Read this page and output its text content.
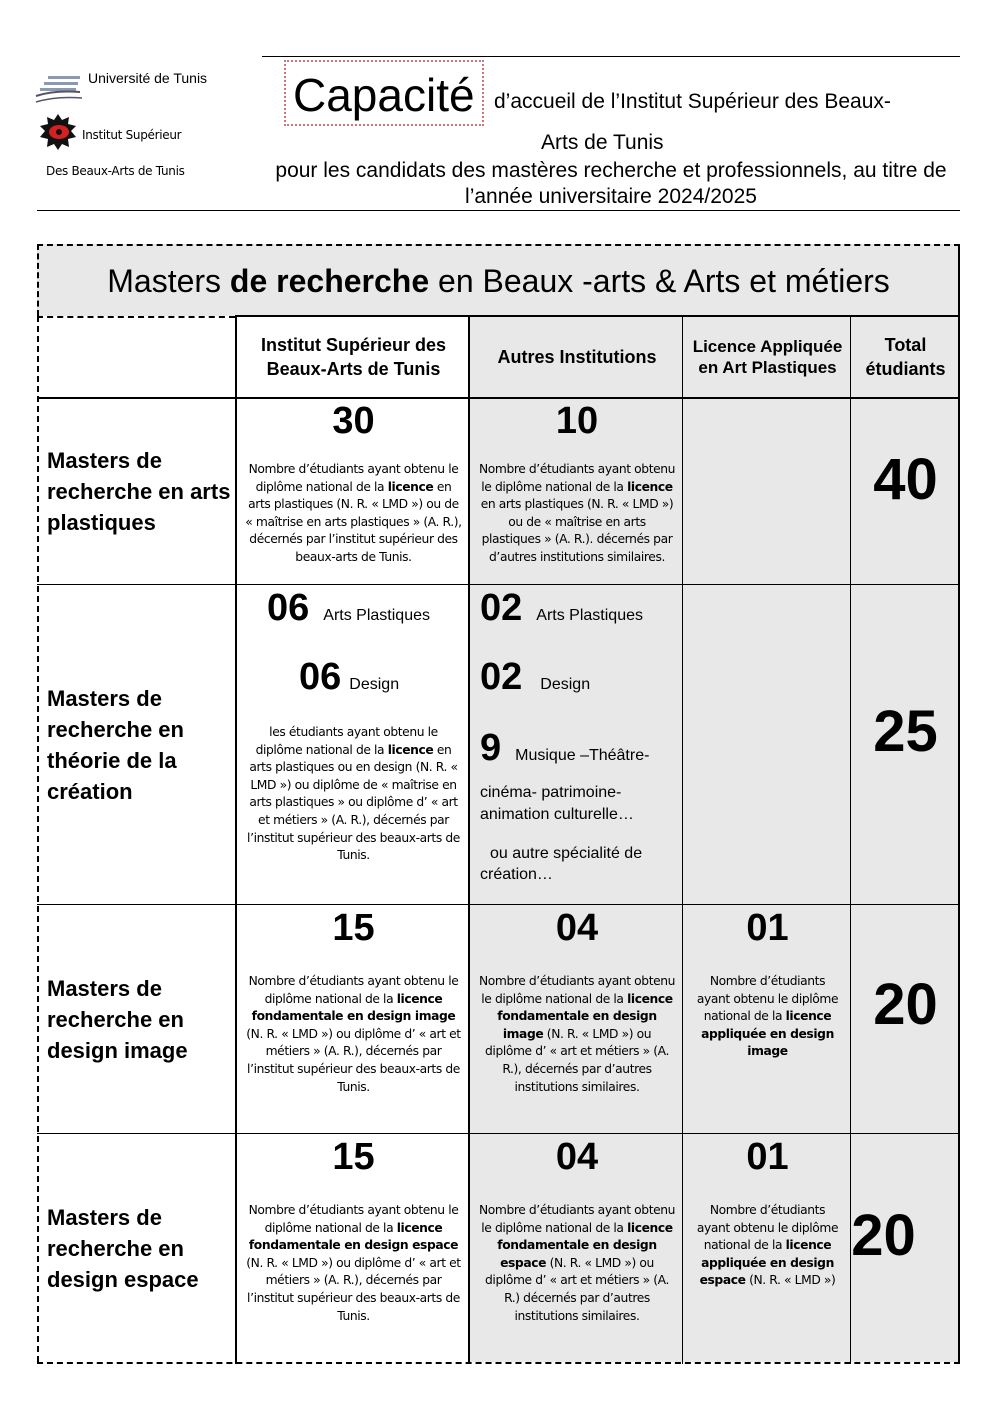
Université de Tunis
Institut Supérieur
Des Beaux-Arts de Tunis
Capacité d’accueil de l’Institut Supérieur des Beaux-
Arts de Tunis
pour les candidats des mastères recherche et professionnels, au titre de l’année universitaire 2024/2025
Masters de recherche en Beaux -arts & Arts et métiers
Institut Supérieur des Beaux-Arts de Tunis
Autres Institutions
Licence Appliquée en Art Plastiques
Total étudiants
Masters de recherche en arts plastiques
Masters de recherche en théorie de la création
Masters de recherche en design image
Masters de recherche en design espace
30
Nombre d’étudiants ayant obtenu le diplôme national de la licence en arts plastiques (N. R. « LMD ») ou de « maîtrise en arts plastiques » (A. R.), décernés par l’institut supérieur des beaux-arts de Tunis.
10
Nombre d’étudiants ayant obtenu le diplôme national de la licence en arts plastiques (N. R. « LMD ») ou de « maîtrise en arts plastiques » (A. R.). décernés par d’autres institutions similaires.
40
06 Arts Plastiques
06 Design
les étudiants ayant obtenu le diplôme national de la licence en arts plastiques ou en design (N. R. « LMD ») ou diplôme de « maîtrise en arts plastiques » ou diplôme d’ « art et métiers » (A. R.), décernés par l’institut supérieur des beaux-arts de Tunis.
02 Arts Plastiques
02 Design
9 Musique –Théâtre-
cinéma- patrimoine-
animation culturelle…
ou autre spécialité de
création…
25
15
Nombre d’étudiants ayant obtenu le diplôme national de la licence fondamentale en design image (N. R. « LMD ») ou diplôme d’ « art et métiers » (A. R.), décernés par l’institut supérieur des beaux-arts de Tunis.
04
Nombre d’étudiants ayant obtenu le diplôme national de la licence fondamentale en design image (N. R. « LMD ») ou diplôme d’ « art et métiers » (A. R.), décernés par d’autres institutions similaires.
01
Nombre d’étudiants ayant obtenu le diplôme national de la licence appliquée en design image
20
15
Nombre d’étudiants ayant obtenu le diplôme national de la licence fondamentale en design espace (N. R. « LMD ») ou diplôme d’ « art et métiers » (A. R.), décernés par l’institut supérieur des beaux-arts de Tunis.
04
Nombre d’étudiants ayant obtenu le diplôme national de la licence fondamentale en design espace (N. R. « LMD ») ou diplôme d’ « art et métiers » (A. R.) décernés par d’autres institutions similaires.
01
Nombre d’étudiants ayant obtenu le diplôme national de la licence appliquée en design espace (N. R. « LMD »)
20
